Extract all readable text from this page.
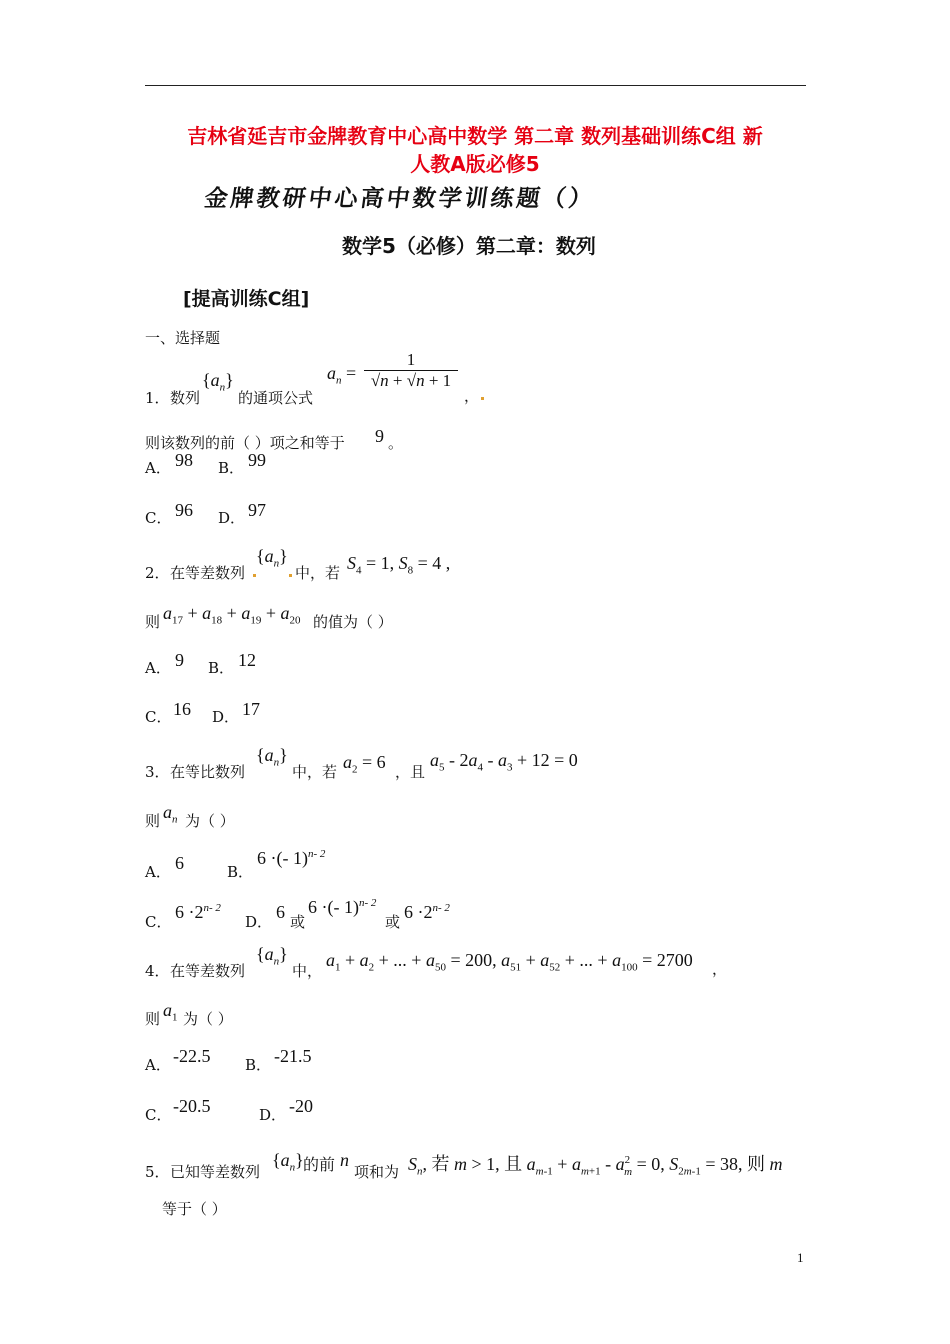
吉林省延吉市金牌教育中心高中数学 第二章 数列基础训练C组 新
人教A版必修5
金牌教研中心高中数学训练题（）
数学5（必修）第二章：数列
[提高训练C组]
一、选择题
1． 数列
$\{a_n\}$
的通项公式
$a_n$ =
1
√n + √n + 1
，
则该数列的前（ ）项之和等于 9 。
A． 98 B． 99
C． 96 D． 97
2． 在等差数列
$\{a_n\}$
中，若 $S_4 = 1$, $S_8 = 4$ ,
则 $a_{17} + a_{18} + a_{19} + a_{20}$ 的值为（ ）
A． 9 B． 12
C． 16 D． 17
3． 在等比数列
$\{a_n\}$
中，若 $a_2 = 6$ ，且
$a_5 - 2a_4 - a_3 + 12 = 0$
则 $a_n$ 为（ ）
A． 6	B．
6 ·(- 1)$^{n- 2}$
C． $6 \cdot 2^{n- 2}$
D． 6 或
6 ·(- 1)$^{n- 2}$
或 $6 \cdot 2^{n- 2}$
4． 在等差数列
$\{a_n\}$
中，
$a_1 + a_2$ + ... + $a_{50} = 200$, $a_{51} + a_{52}$ + ... + $a_{100} = 2700$ ，
则 $a_1$ 为（ ）
A． -22.5 B． -21.5
C． -20.5	D． -20
5． 已知等差数列
$\{a_n\}$ 的前 n
项和为 $S_n$, 若 m > 1, 且 $a_{m-1} + a_{m+1} - a^2_m = 0$, $S_{2m-1} = 38$, 则 m
等于（ ）
1
